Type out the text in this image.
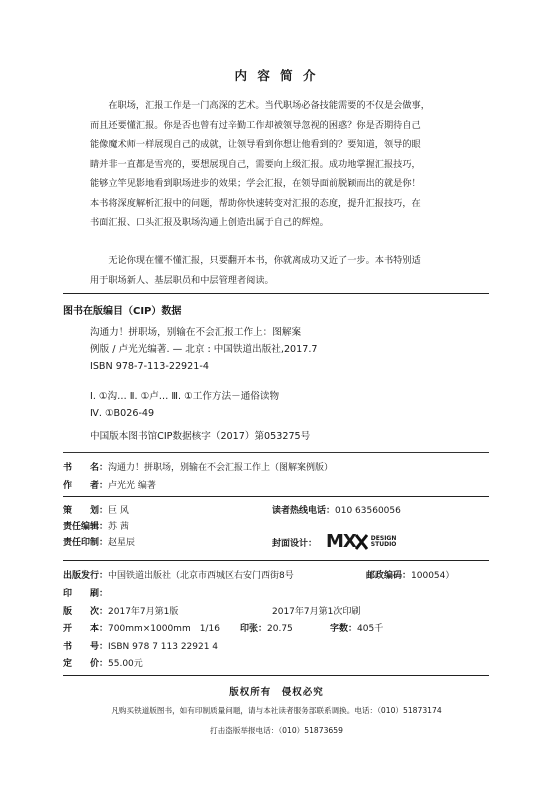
内 容 简 介
　　在职场，汇报工作是一门高深的艺术。当代职场必备技能需要的不仅是会做事，
而且还要懂汇报。你是否也曾有过辛勤工作却被领导忽视的困惑？你是否期待自己
能像魔术师一样展现自己的成就，让领导看到你想让他看到的？要知道，领导的眼
睛并非一直都是雪亮的，要想展现自己，需要向上级汇报。成功地掌握汇报技巧，
能够立竿见影地看到职场进步的效果；学会汇报，在领导面前脱颖而出的就是你！
本书将深度解析汇报中的问题，帮助你快速转变对汇报的态度，提升汇报技巧，在
书面汇报、口头汇报及职场沟通上创造出属于自己的辉煌。
　　无论你现在懂不懂汇报，只要翻开本书，你就离成功又近了一步。本书特别适
用于职场新人、基层职员和中层管理者阅读。
图书在版编目（CIP）数据
沟通力！拼职场，别输在不会汇报工作上：图解案
例版 / 卢光光编著. — 北京 : 中国铁道出版社,2017.7
ISBN 978-7-113-22921-4
Ⅰ. ①沟… Ⅱ. ①卢… Ⅲ. ①工作方法－通俗读物
Ⅳ. ①B026-49
中国版本图书馆CIP数据核字（2017）第053275号
书　　名：沟通力！拼职场，别输在不会汇报工作上（图解案例版）
作　　者：卢光光 编著
策　　划：巨 风	读者热线电话：010 63560056
责任编辑：苏 茜
责任印制：赵星辰	封面设计： MX	DESIGN
STUDIO
出版发行：中国铁道出版社（北京市西城区右安门西街8号	邮政编码：100054）
印　　刷：
版　　次：2017年7月第1版	2017年7月第1次印刷
开　　本：700mm×1000mm　1/16 印张：20.75	字数：405千
书　　号：ISBN 978 7 113 22921 4
定　　价：55.00元
版权所有　侵权必究
凡购买铁道版图书，如有印制质量问题，请与本社读者服务部联系调换。电话：（010）51873174
打击盗版举报电话：（010）51873659
